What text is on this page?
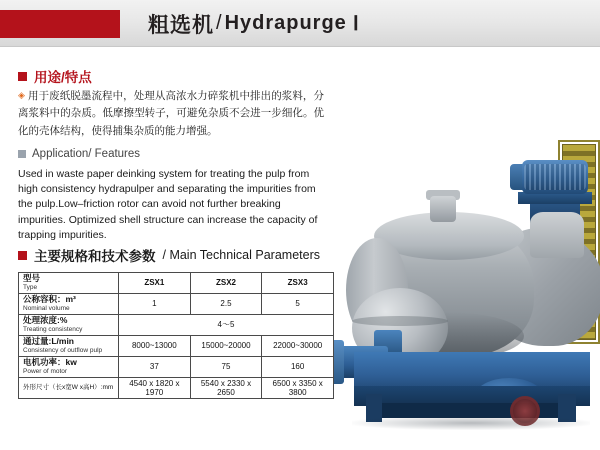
粗选机 / Hydrapurge Ⅰ
用途/特点
◈ 用于废纸脱墨流程中，处理从高浓水力碎浆机中排出的浆料，分离浆料中的杂质。低摩擦型转子，可避免杂质不会进一步细化。优化的壳体结构，使得捕集杂质的能力增强。
Application/ Features
Used in waste paper deinking system for treating the pulp from high consistency hydrapulper and separating the impurities from the pulp.Low–friction rotor can avoid not further breaking impurities. Optimized shell structure can increase the capacity of trapping impurities.
主要规格和技术参数 / Main Technical Parameters
型号
Type	ZSX1	ZSX2	ZSX3

公称容积：m³
Nominal volume	1	2.5	5

处理浓度:%
Treating consistency	4～5		

通过量:L/min
Consistency of outflow pulp	8000~13000	15000~20000	22000~30000

电机功率：kw
Power of motor	37	75	160

外形尺寸（长x宽W x高H）:mm	4540 x 1820 x 1970	5540 x 2330 x 2650	6500 x 3350 x 3800
